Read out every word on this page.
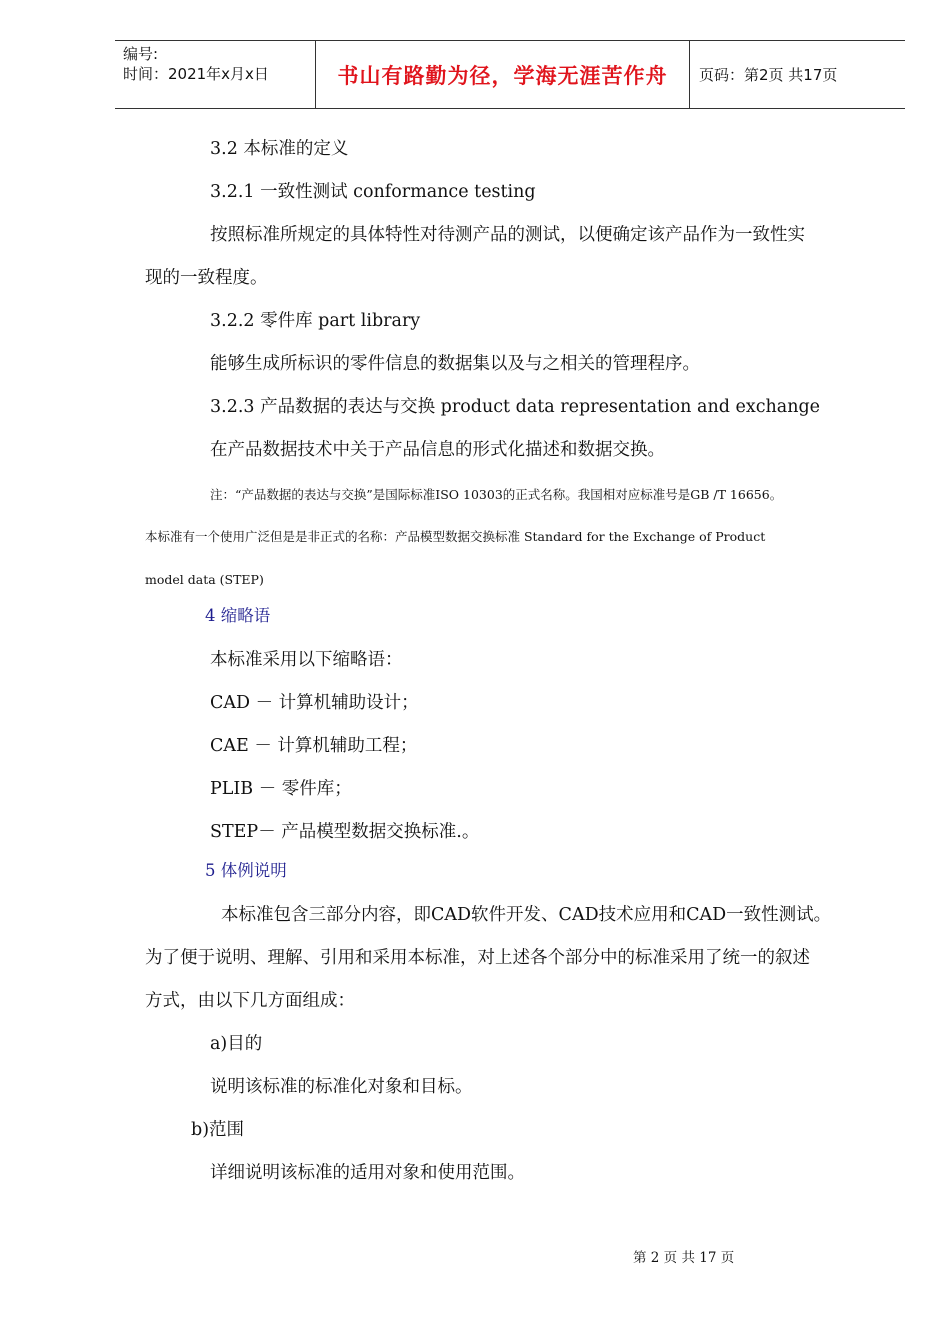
编号:
时间：2021年x月x日	书山有路勤为径，学海无涯苦作舟	页码：第2页 共17页
3.2 本标准的定义
3.2.1 一致性测试 conformance testing
按照标准所规定的具体特性对待测产品的测试，以便确定该产品作为一致性实
现的一致程度。
3.2.2 零件库 part library
能够生成所标识的零件信息的数据集以及与之相关的管理程序。
3.2.3 产品数据的表达与交换 product data representation and exchange
在产品数据技术中关于产品信息的形式化描述和数据交换。
注：“产品数据的表达与交换”是国际标准ISO 10303的正式名称。我国相对应标准号是GB /T 16656。
本标准有一个使用广泛但是是非正式的名称：产品模型数据交换标准 Standard for the Exchange of Product
model data (STEP)
4 缩略语
本标准采用以下缩略语：
CAD － 计算机辅助设计；
CAE － 计算机辅助工程；
PLIB － 零件库；
STEP－ 产品模型数据交换标准.。
5 体例说明
本标准包含三部分内容，即CAD软件开发、CAD技术应用和CAD一致性测试。
为了便于说明、理解、引用和采用本标准，对上述各个部分中的标准采用了统一的叙述
方式，由以下几方面组成：
a)目的
说明该标准的标准化对象和目标。
b)范围
详细说明该标准的适用对象和使用范围。
第 2 页 共 17 页
